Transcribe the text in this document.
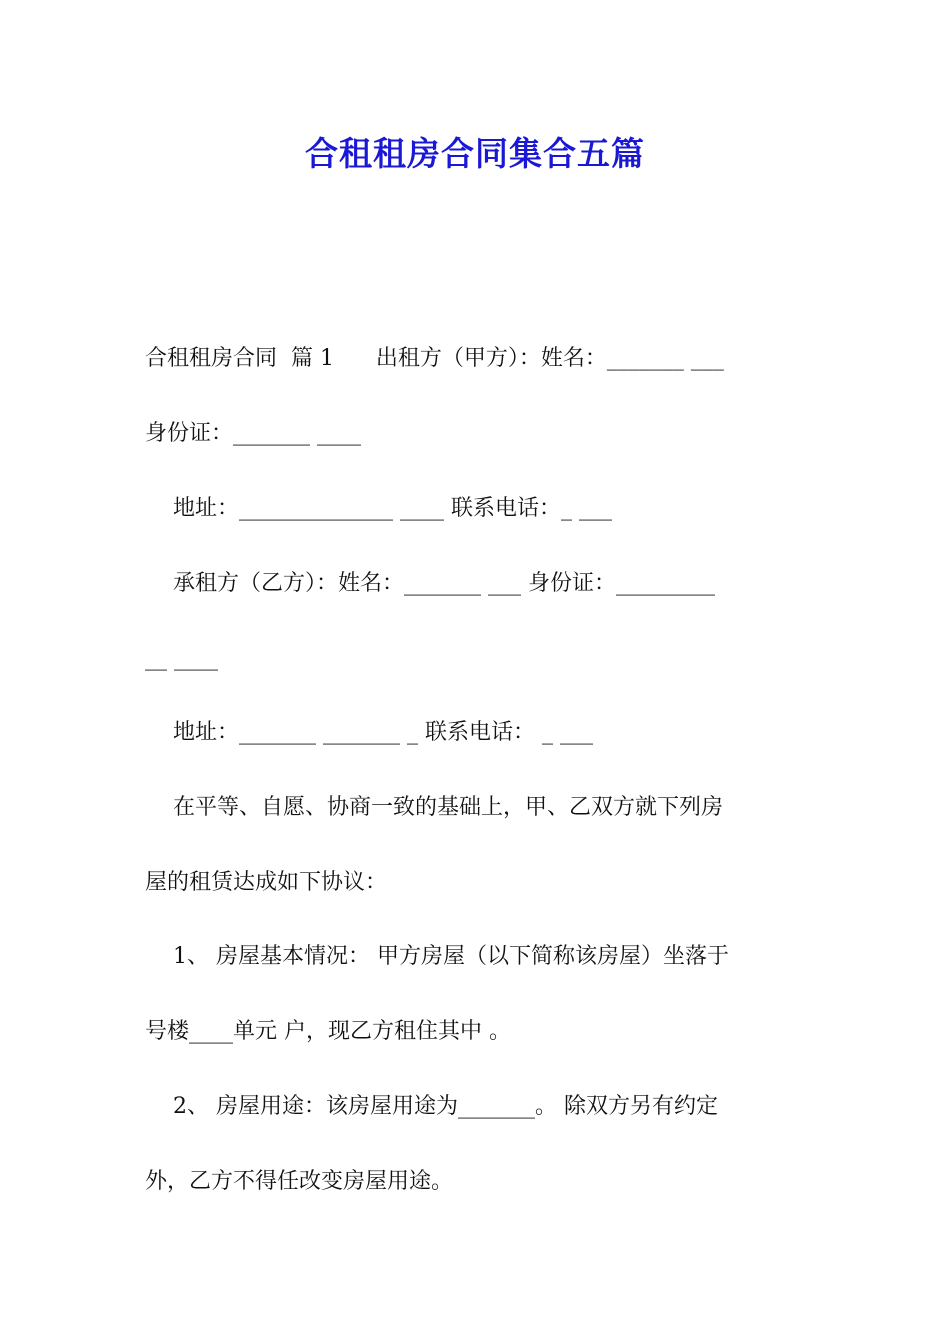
合租租房合同集合五篇
合租租房合同  篇 1      出租方（甲方）：姓名：_______ ___
身份证：_______ ____
地址：______________ ____ 联系电话：_ ___
承租方（乙方）：姓名：_______ ___ 身份证：_________
__ ____
地址：_______ _______ _ 联系电话： _ ___
在平等、自愿、协商一致的基础上，甲、乙双方就下列房
屋的租赁达成如下协议：
1、 房屋基本情况： 甲方房屋（以下简称该房屋）坐落于
号楼____单元 户，现乙方租住其中 。
2、 房屋用途：该房屋用途为_______。 除双方另有约定
外，乙方不得任改变房屋用途。
